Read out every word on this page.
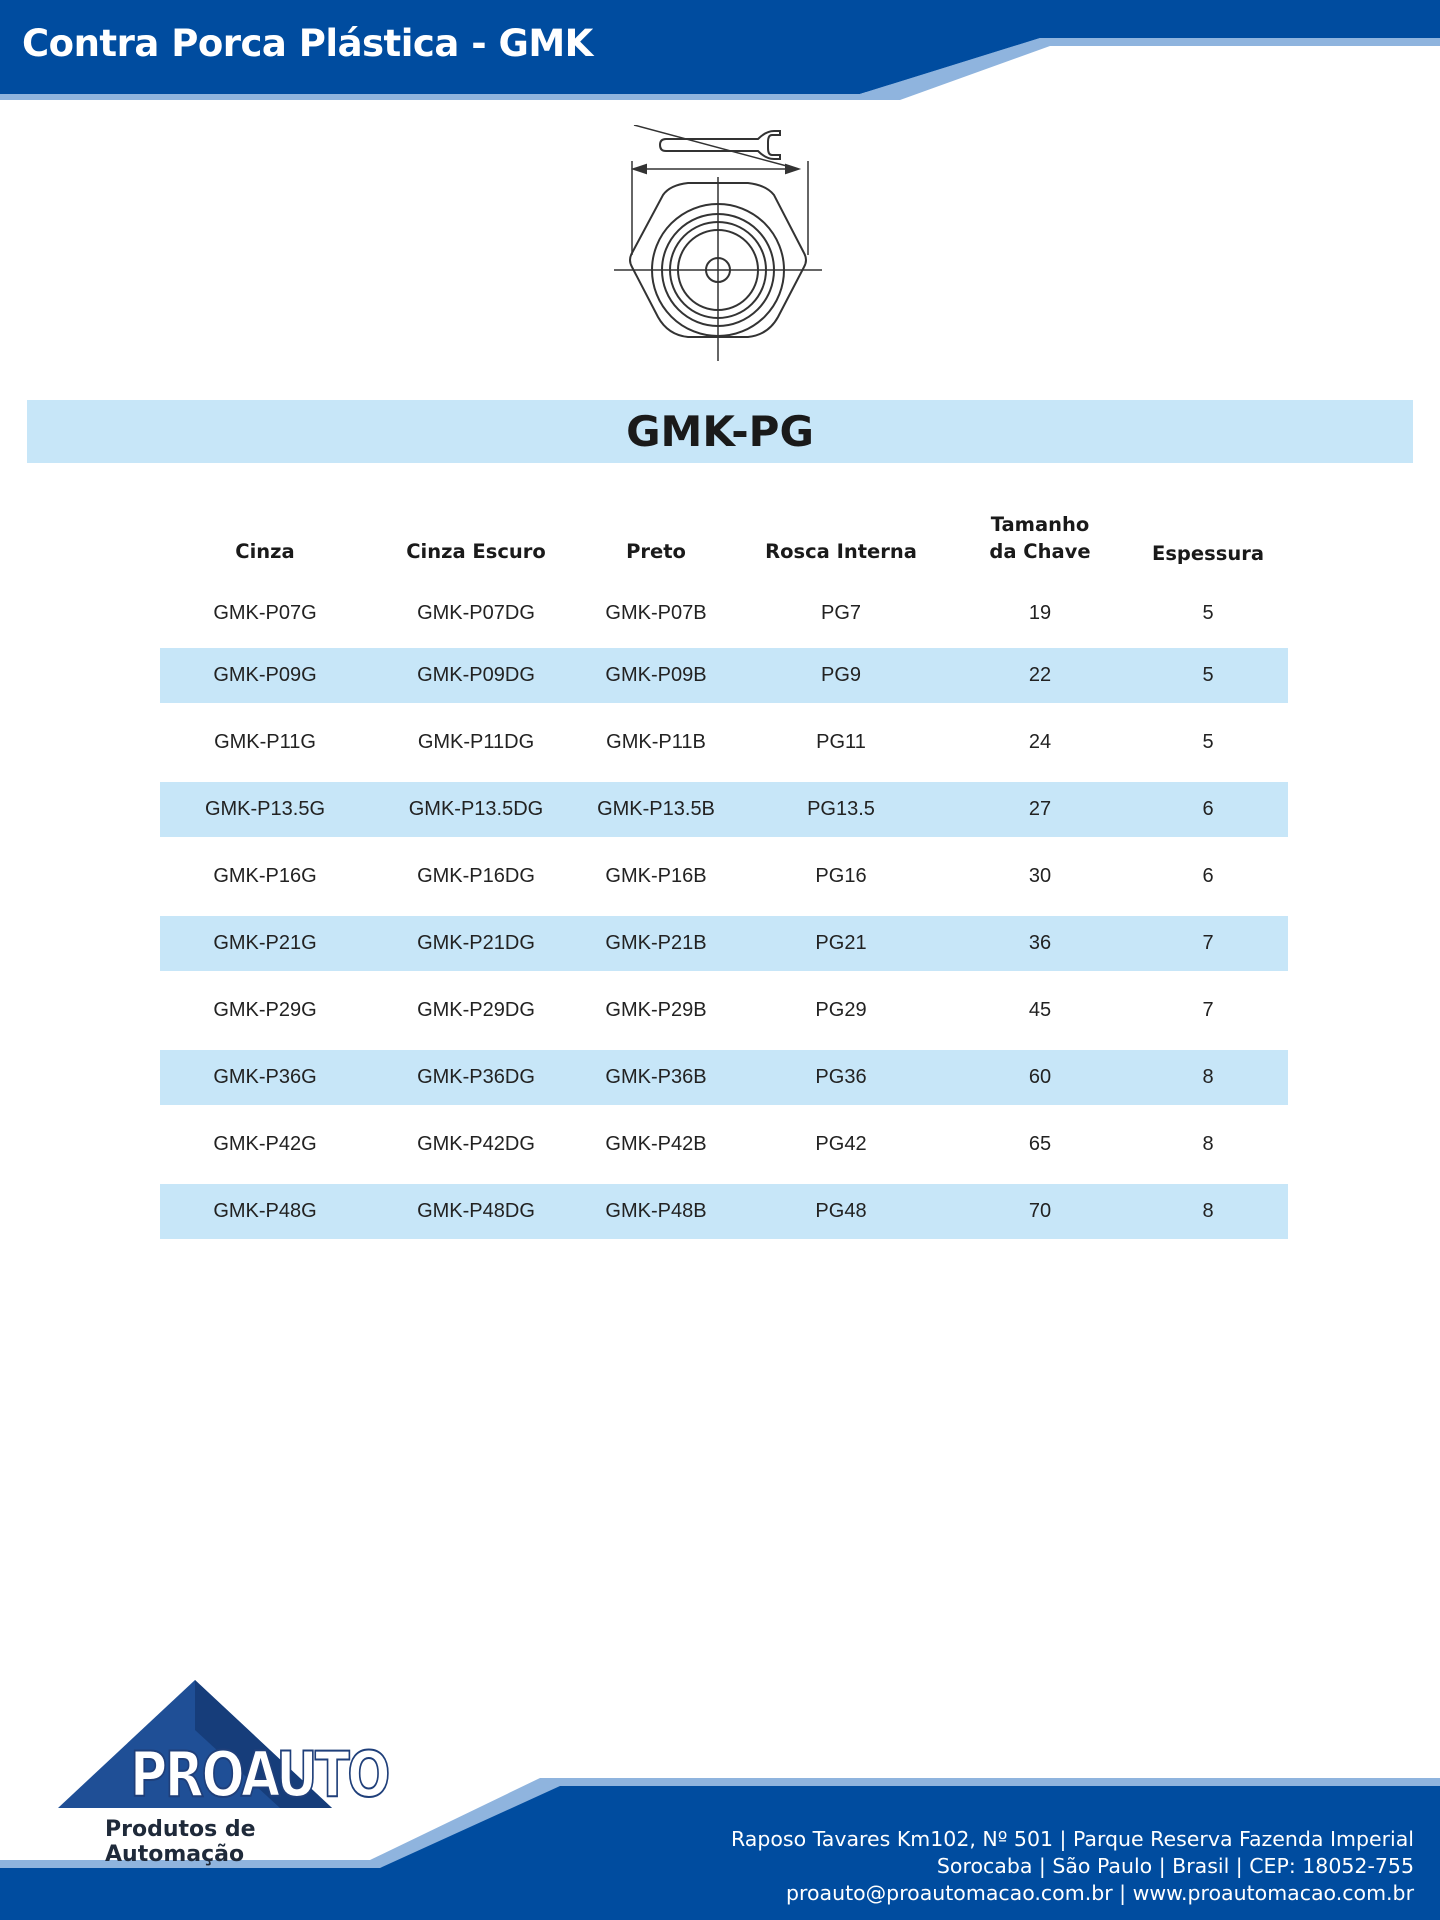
Contra Porca Plástica - GMK
GMK-PG
Cinza	Cinza Escuro	Preto	Rosca Interna	Tamanho
da Chave	Espessura
GMK-P07G	GMK-P07DG	GMK-P07B	PG7	19	5
GMK-P09G	GMK-P09DG	GMK-P09B	PG9	22	5
GMK-P11G	GMK-P11DG	GMK-P11B	PG11	24	5
GMK-P13.5G	GMK-P13.5DG	GMK-P13.5B	PG13.5	27	6
GMK-P16G	GMK-P16DG	GMK-P16B	PG16	30	6
GMK-P21G	GMK-P21DG	GMK-P21B	PG21	36	7
GMK-P29G	GMK-P29DG	GMK-P29B	PG29	45	7
GMK-P36G	GMK-P36DG	GMK-P36B	PG36	60	8
GMK-P42G	GMK-P42DG	GMK-P42B	PG42	65	8
GMK-P48G	GMK-P48DG	GMK-P48B	PG48	70	8

PROAUTO

Produtos de Automação

Raposo Tavares Km102, Nº 501 | Parque Reserva Fazenda Imperial

Sorocaba | São Paulo | Brasil | CEP: 18052-755

proauto@proautomacao.com.br | www.proautomacao.com.br
